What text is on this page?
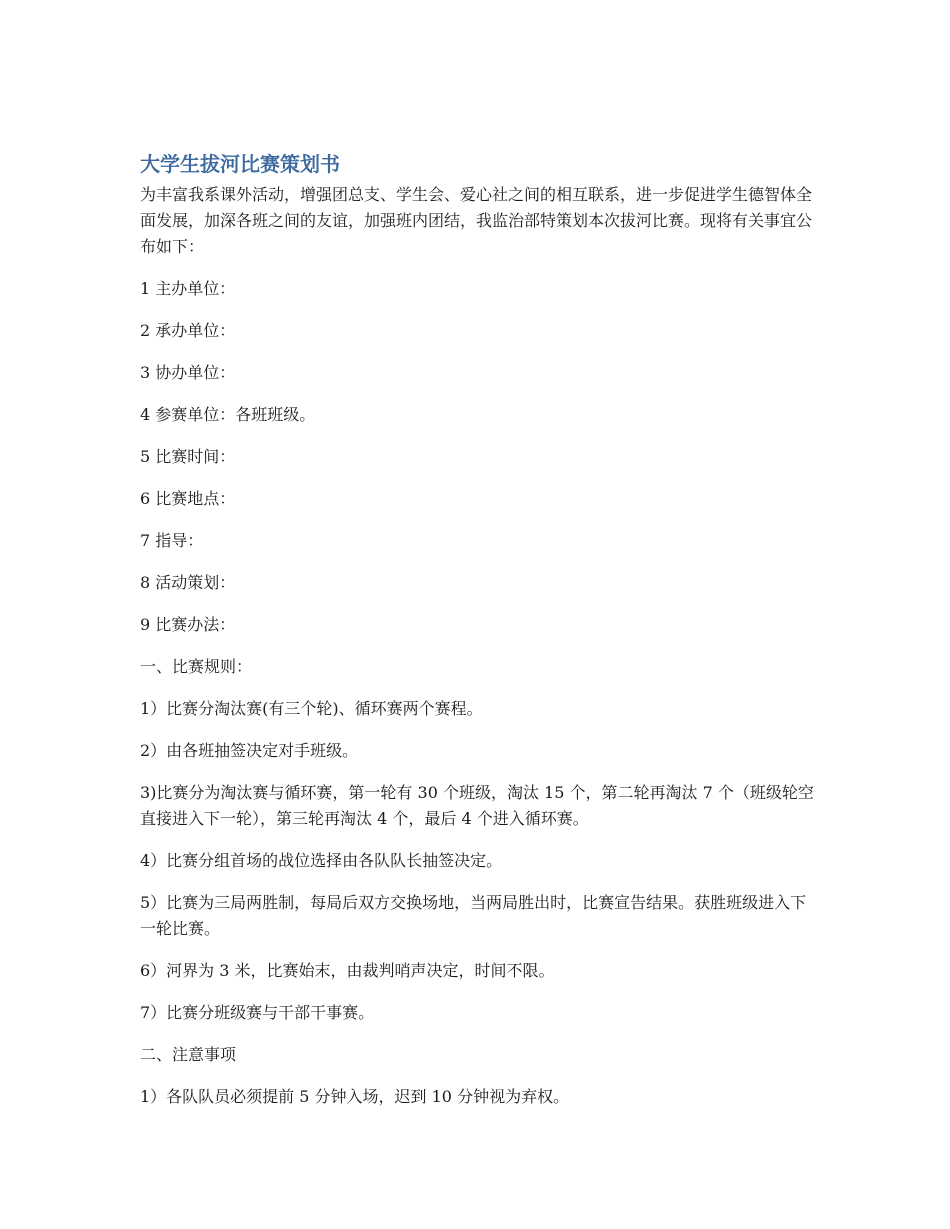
大学生拔河比赛策划书

为丰富我系课外活动，增强团总支、学生会、爱心社之间的相互联系，进一步促进学生德智体全面发展，加深各班之间的友谊，加强班内团结，我监治部特策划本次拔河比赛。现将有关事宜公布如下：

1 主办单位：

2 承办单位：

3 协办单位：

4 参赛单位：各班班级。

5 比赛时间：

6 比赛地点：

7 指导：

8 活动策划：

9 比赛办法：

一、比赛规则：

1）比赛分淘汰赛(有三个轮)、循环赛两个赛程。

2）由各班抽签决定对手班级。

3)比赛分为淘汰赛与循环赛，第一轮有 30 个班级，淘汰 15 个，第二轮再淘汰 7 个（班级轮空直接进入下一轮），第三轮再淘汰 4 个，最后 4 个进入循环赛。

4）比赛分组首场的战位选择由各队队长抽签决定。

5）比赛为三局两胜制，每局后双方交换场地，当两局胜出时，比赛宣告结果。获胜班级进入下一轮比赛。

6）河界为 3 米，比赛始末，由裁判哨声决定，时间不限。

7）比赛分班级赛与干部干事赛。

二、注意事项

1）各队队员必须提前 5 分钟入场，迟到 10 分钟视为弃权。
